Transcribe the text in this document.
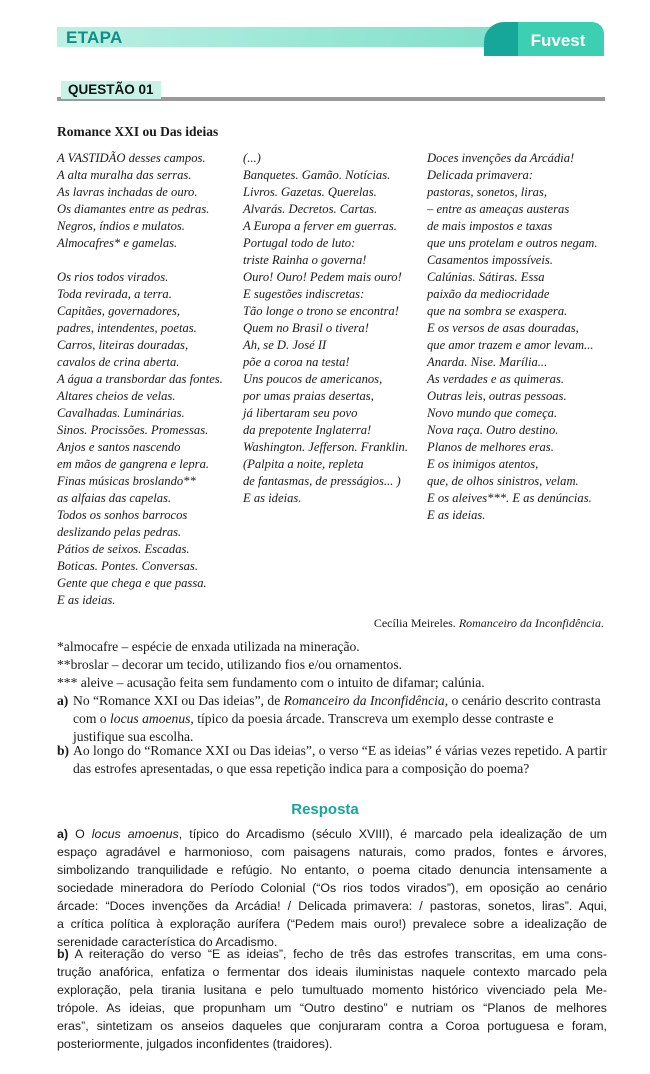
ETAPA	Fuvest
QUESTÃO 01
Romance XXI ou Das ideias
A VASTIDÃO desses campos.
A alta muralha das serras.
As lavras inchadas de ouro.
Os diamantes entre as pedras.
Negros, índios e mulatos.
Almocafres* e gamelas.
Os rios todos virados.
Toda revirada, a terra.
Capitães, governadores,
padres, intendentes, poetas.
Carros, liteiras douradas,
cavalos de crina aberta.
A água a transbordar das fontes.
Altares cheios de velas.
Cavalhadas. Luminárias.
Sinos. Procissões. Promessas.
Anjos e santos nascendo
em mãos de gangrena e lepra.
Finas músicas broslando**
as alfaias das capelas.
Todos os sonhos barrocos
deslizando pelas pedras.
Pátios de seixos. Escadas.
Boticas. Pontes. Conversas.
Gente que chega e que passa.
E as ideias.
(...)
Banquetes. Gamão. Notícias.
Livros. Gazetas. Querelas.
Alvarás. Decretos. Cartas.
A Europa a ferver em guerras.
Portugal todo de luto:
triste Rainha o governa!
Ouro! Ouro! Pedem mais ouro!
E sugestões indiscretas:
Tão longe o trono se encontra!
Quem no Brasil o tivera!
Ah, se D. José II
põe a coroa na testa!
Uns poucos de americanos,
por umas praias desertas,
já libertaram seu povo
da prepotente Inglaterra!
Washington. Jefferson. Franklin.
(Palpita a noite, repleta
de fantasmas, de presságios... )
E as ideias.
Doces invenções da Arcádia!
Delicada primavera:
pastoras, sonetos, liras,
– entre as ameaças austeras
de mais impostos e taxas
que uns protelam e outros negam.
Casamentos impossíveis.
Calúnias. Sátiras. Essa
paixão da mediocridade
que na sombra se exaspera.
E os versos de asas douradas,
que amor trazem e amor levam...
Anarda. Nise. Marília...
As verdades e as quimeras.
Outras leis, outras pessoas.
Novo mundo que começa.
Nova raça. Outro destino.
Planos de melhores eras.
E os inimigos atentos,
que, de olhos sinistros, velam.
E os aleives***. E as denúncias.
E as ideias.
Cecília Meireles. Romanceiro da Inconfidência.
*almocafre – espécie de enxada utilizada na mineração.
**broslar – decorar um tecido, utilizando fios e/ou ornamentos.
*** aleive – acusação feita sem fundamento com o intuito de difamar; calúnia.
a) No “Romance XXI ou Das ideias”, de Romanceiro da Inconfidência, o cenário descrito contrasta com o locus amoenus, típico da poesia árcade. Transcreva um exemplo desse contraste e justifique sua escolha.
b) Ao longo do “Romance XXI ou Das ideias”, o verso “E as ideias” é várias vezes repetido. A partir das estrofes apresentadas, o que essa repetição indica para a composição do poema?
Resposta
a) O locus amoenus, típico do Arcadismo (século XVIII), é marcado pela idealização de um
espaço agradável e harmonioso, com paisagens naturais, como prados, fontes e árvores,
simbolizando tranquilidade e refúgio. No entanto, o poema citado denuncia intensamente a
sociedade mineradora do Período Colonial (“Os rios todos virados”), em oposição ao cenário
árcade: “Doces invenções da Arcádia! / Delicada primavera: / pastoras, sonetos, liras”. Aqui,
a crítica política à exploração aurífera (“Pedem mais ouro!) prevalece sobre a idealização de
serenidade característica do Arcadismo.
b) A reiteração do verso “E as ideias”, fecho de três das estrofes transcritas, em uma cons-
trução anafórica, enfatiza o fermentar dos ideais iluministas naquele contexto marcado pela
exploração, pela tirania lusitana e pelo tumultuado momento histórico vivenciado pela Me-
trópole. As ideias, que propunham um “Outro destino” e nutriam os “Planos de melhores
eras”, sintetizam os anseios daqueles que conjuraram contra a Coroa portuguesa e foram,
posteriormente, julgados inconfidentes (traidores).
